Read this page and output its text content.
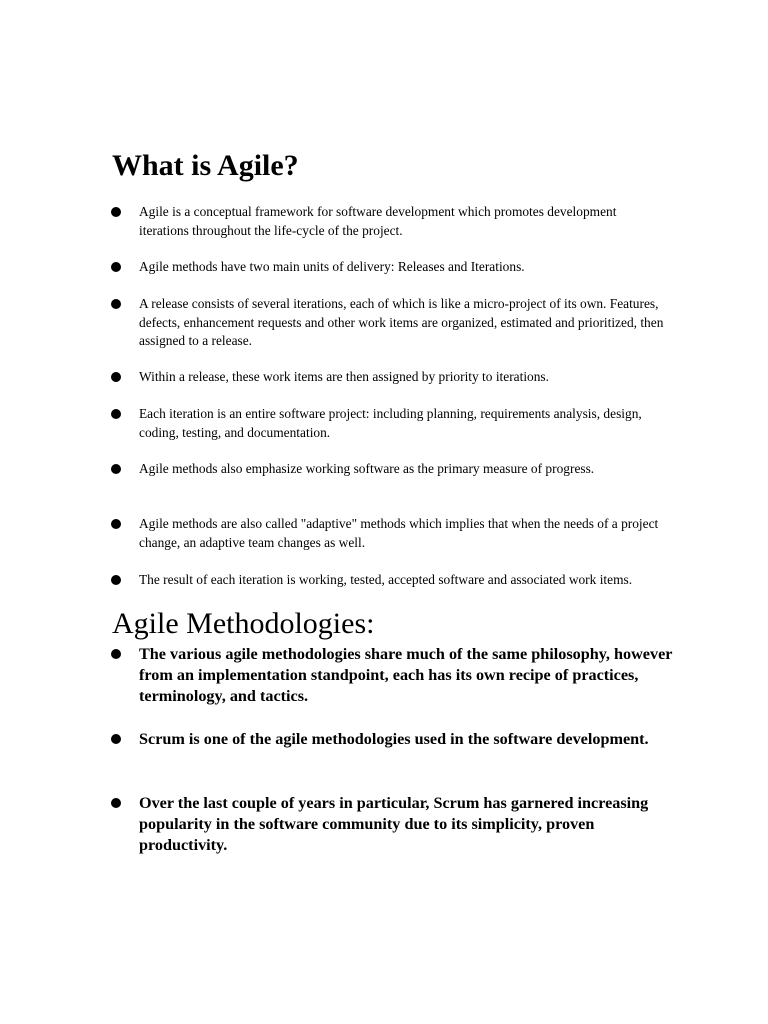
What is Agile?

Agile is a conceptual framework for software development which promotes development iterations throughout the life-cycle of the project.

Agile methods have two main units of delivery: Releases and Iterations.

A release consists of several iterations, each of which is like a micro-project of its own. Features, defects, enhancement requests and other work items are organized, estimated and prioritized, then assigned to a release.

Within a release, these work items are then assigned by priority to iterations.

Each iteration is an entire software project: including planning, requirements analysis, design, coding, testing, and documentation.

Agile methods also emphasize working software as the primary measure of progress.

Agile methods are also called "adaptive" methods which implies that when the needs of a project change, an adaptive team changes as well.

The result of each iteration is working, tested, accepted software and associated work items.

Agile Methodologies:

The various agile methodologies share much of the same philosophy, however from an implementation standpoint, each has its own recipe of practices, terminology, and tactics.

Scrum is one of the agile methodologies used in the software development.

Over the last couple of years in particular, Scrum has garnered increasing popularity in the software community due to its simplicity, proven productivity.
